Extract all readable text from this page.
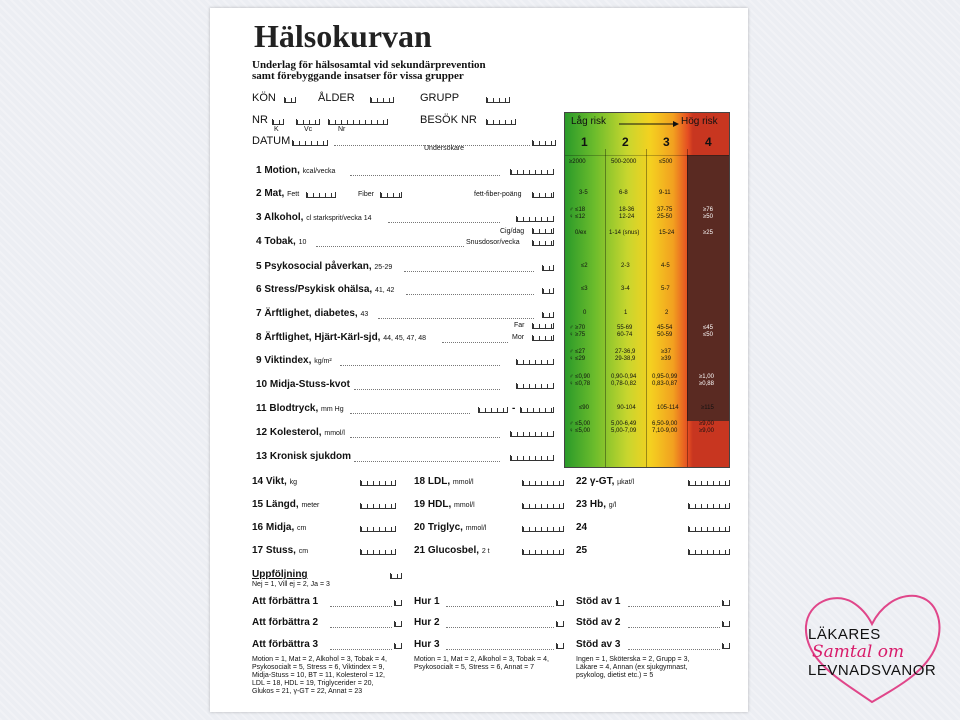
Hälsokurvan
Underlag för hälsosamtal vid sekundärprevention
samt förebyggande insatser för vissa grupper
KÖN	ÅLDER	GRUPP
NR
K	Vc	Nr
BESÖK NR
DATUM
Undersökare
1 Motion, kcal/vecka
2 Mat, Fett	Fiber	fett-fiber-poäng
3 Alkohol, cl starksprit/vecka 14
Cig/dag
4 Tobak, 10	Snusdosor/vecka
5 Psykosocial påverkan, 25-29
6 Stress/Psykisk ohälsa, 41, 42
7 Ärftlighet, diabetes, 43
Far
8 Ärftlighet, Hjärt-Kärl-sjd, 44, 45, 47, 48	Mor
9 Viktindex, kg/m²
10 Midja-Stuss-kvot
11 Blodtryck, mm Hg	-
12 Kolesterol, mmol/l
13 Kronisk sjukdom
14 Vikt, kg
15 Längd, meter
16 Midja, cm
17 Stuss, cm
18 LDL, mmol/l
19 HDL, mmol/l
20 Triglyc, mmol/l
21 Glucosbel, 2 t
22 γ-GT, µkat/l
23 Hb, g/l
24
25
Uppföljning
Nej = 1, Vill ej = 2, Ja = 3
Att förbättra 1
Att förbättra 2
Att förbättra 3
Hur 1
Hur 2
Hur 3
Stöd av 1
Stöd av 2
Stöd av 3
Motion = 1, Mat = 2, Alkohol = 3, Tobak = 4,
Psykosocialt = 5, Stress = 6, Viktindex = 9,
Midja-Stuss = 10, BT = 11, Kolesterol = 12,
LDL = 18, HDL = 19, Triglycerider = 20,
Glukos = 21, γ-GT = 22, Annat = 23
Motion = 1, Mat = 2, Alkohol = 3, Tobak = 4,
Psykosocialt = 5, Stress = 6, Annat = 7
Ingen = 1, Sköterska = 2, Grupp = 3,
Läkare = 4, Annan (ex sjukgymnast,
psykolog, dietist etc.) = 5
Låg risk	Hög risk
1	2	3	4
≥2000	500-2000	≤500
3-5	6-8	9-11
♂ ≤18	18-36	37-75	≥76
♀ ≤12	12-24	25-50	≥50
0/ex	1-14 (snus)	15-24	≥25
≤2	2-3	4-5
≤3	3-4	5-7
0	1	2
♂ ≥70	55-69	45-54	≤45
♀ ≥75	60-74	50-59	≤50
♂ ≤27	27-36,9	≥37
♀ ≤29	29-38,9	≥39
♂ ≤0,90	0,90-0,94	0,95-0,99	≥1,00
♀ ≤0,78	0,78-0,82	0,83-0,87	≥0,88
≤90	90-104	105-114	≥115
♂ ≤5,00	5,00-6,49	6,50-9,00	≥9,00
♀ ≤5,00	5,00-7,09	7,10-9,00	≥9,00
LÄKARES
Samtal om
LEVNADSVANOR
